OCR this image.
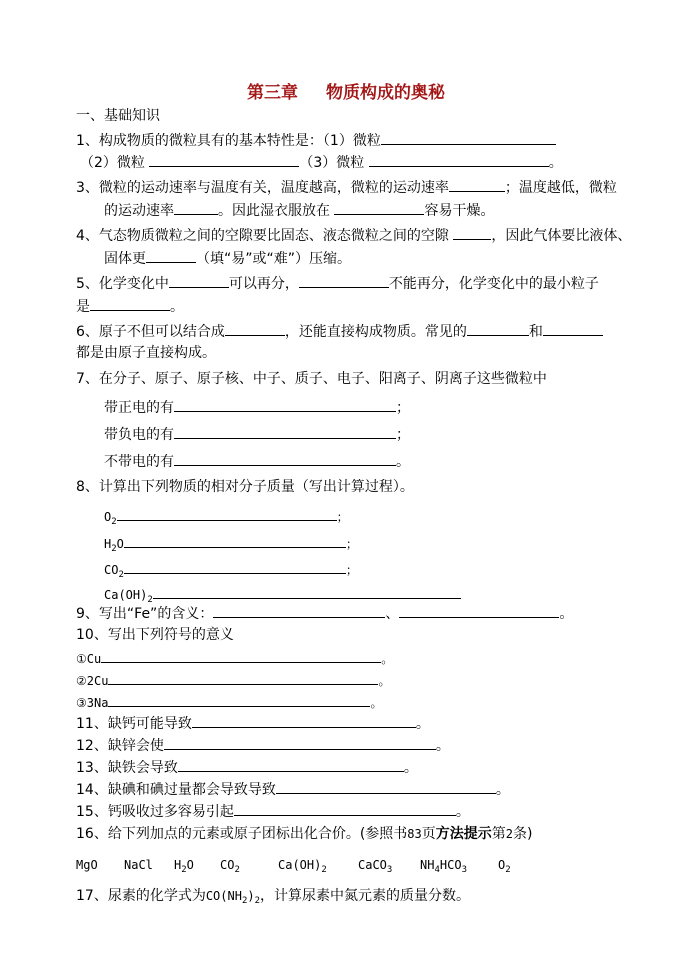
第三章 物质构成的奥秘
一、基础知识
1、构成物质的微粒具有的基本特性是：（1）微粒
（2）微粒	（3）微粒	。
3、微粒的运动速率与温度有关，温度越高，微粒的运动速率	；温度越低，微粒
的运动速率	。因此湿衣服放在	容易干燥。
4、气态物质微粒之间的空隙要比固态、液态微粒之间的空隙	，因此气体要比液体、
固体更	（填“易”或“难”）压缩。
5、化学变化中	可以再分，	不能再分，化学变化中的最小粒子
是	。
6、原子不但可以结合成	，还能直接构成物质。常见的	和
都是由原子直接构成。
7、在分子、原子、原子核、中子、质子、电子、阳离子、阴离子这些微粒中
带正电的有	；
带负电的有	；
不带电的有	。
8、计算出下列物质的相对分子质量（写出计算过程）。
$O_2$	；
$H_2O$	；
$CO_2$	；
$Ca(OH)_2$
9、写出“Fe”的含义：	、	。
10、写出下列符号的意义
①Cu	。
②2Cu	。
③3Na	。
11、缺钙可能导致	。
12、缺锌会使	。
13、缺铁会导致	。
14、缺碘和碘过量都会导致导致	。
15、钙吸收过多容易引起	。
16、给下列加点的元素或原子团标出化合价。(参照书83页方法提示第2条)
MgO NaCl $H_2O$ $CO_2$	$Ca(OH)_2$	CaCO$_3$ $NH_4HCO_3$	$O_2$
17、尿素的化学式为$CO(NH_2)_2$，计算尿素中氮元素的质量分数。
